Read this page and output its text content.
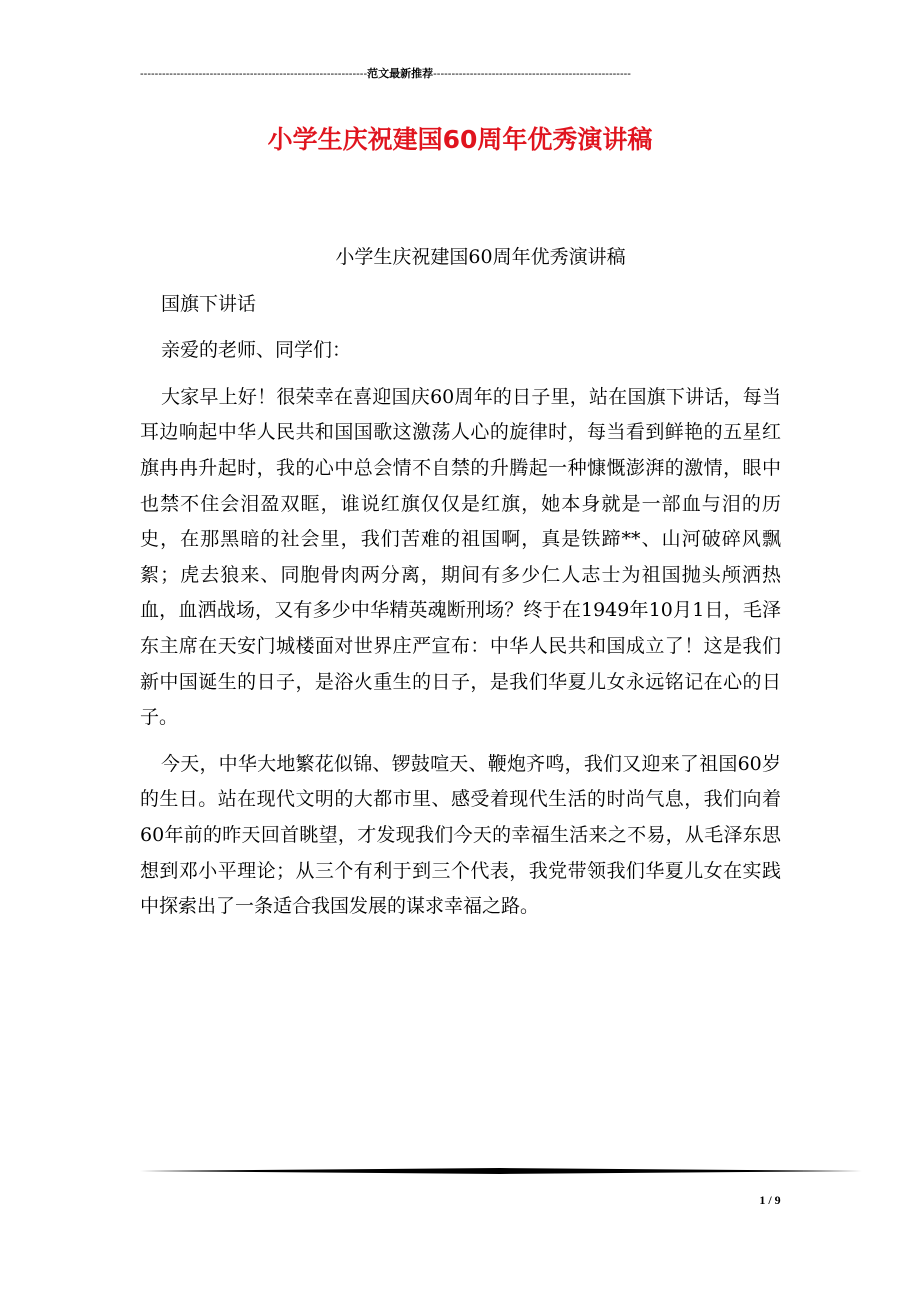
--------------------------------------------------------------范文最新推荐------------------------------------------------------
小学生庆祝建国60周年优秀演讲稿

小学生庆祝建国60周年优秀演讲稿

国旗下讲话

亲爱的老师、同学们：

大家早上好！很荣幸在喜迎国庆60周年的日子里，站在国旗下讲话，每当耳边响起中华人民共和国国歌这激荡人心的旋律时，每当看到鲜艳的五星红旗冉冉升起时，我的心中总会情不自禁的升腾起一种慷慨澎湃的激情，眼中也禁不住会泪盈双眶，谁说红旗仅仅是红旗，她本身就是一部血与泪的历史，在那黑暗的社会里，我们苦难的祖国啊，真是铁蹄**、山河破碎风飘絮；虎去狼来、同胞骨肉两分离，期间有多少仁人志士为祖国抛头颅洒热血，血洒战场，又有多少中华精英魂断刑场？终于在1949年10月1日，毛泽东主席在天安门城楼面对世界庄严宣布：中华人民共和国成立了！这是我们新中国诞生的日子，是浴火重生的日子，是我们华夏儿女永远铭记在心的日子。

今天，中华大地繁花似锦、锣鼓喧天、鞭炮齐鸣，我们又迎来了祖国60岁的生日。站在现代文明的大都市里、感受着现代生活的时尚气息，我们向着60年前的昨天回首眺望，才发现我们今天的幸福生活来之不易，从毛泽东思想到邓小平理论；从三个有利于到三个代表，我党带领我们华夏儿女在实践中探索出了一条适合我国发展的谋求幸福之路。

1 / 9
